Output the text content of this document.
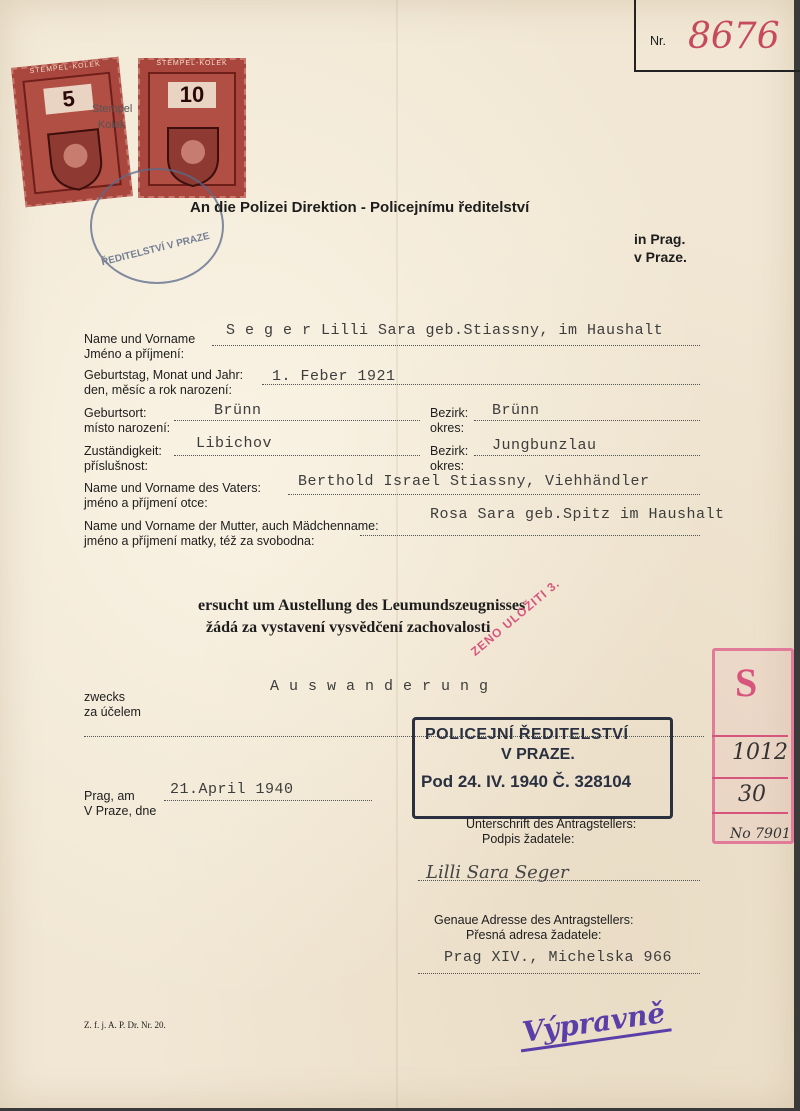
Nr. 8676
STEMPEL-KOLEK
5
STEMPEL-KOLEK
10
Stempel
Kolek
ŘEDITELSTVÍ V PRAZE
An die Polizei Direktion - Policejnímu ředitelství
in Prag.
v Praze.
Name und Vorname
Jméno a příjmení:
S e g e r Lilli Sara geb.Stiassny, im Haushalt
Geburtstag, Monat und Jahr:
den, měsíc a rok narození:
1. Feber 1921
Geburtsort:
místo narození:
Brünn	Bezirk:
okres:
Brünn
Zuständigkeit:
příslušnost:
Libichov	Bezirk:
okres:
Jungbunzlau
Name und Vorname des Vaters:
jméno a příjmení otce:
Berthold Israel Stiassny, Viehhändler
Name und Vorname der Mutter, auch Mädchenname:
jméno a příjmení matky, též za svobodna:
Rosa Sara geb.Spitz im Haushalt
ersucht um Austellung des Leumundszeugnisses
žádá za vystavení vysvědčení zachovalosti
zwecks
za účelem
A u s w a n d e r u n g
Prag, am
V Praze, dne
21.April 1940
POLICEJNÍ ŘEDITELSTVÍ
V PRAZE.
Pod 24. IV. 1940 Č. 328104
ZENO ULOŽITI 3.
S
1012
30
No 7901
Unterschrift des Antragstellers:
Podpis žadatele:
Lilli Sara Seger
Genaue Adresse des Antragstellers:
Přesná adresa žadatele:
Prag XIV., Michelska 966
Z. f. j. A. P. Dr. Nr. 20.	Výpravně
